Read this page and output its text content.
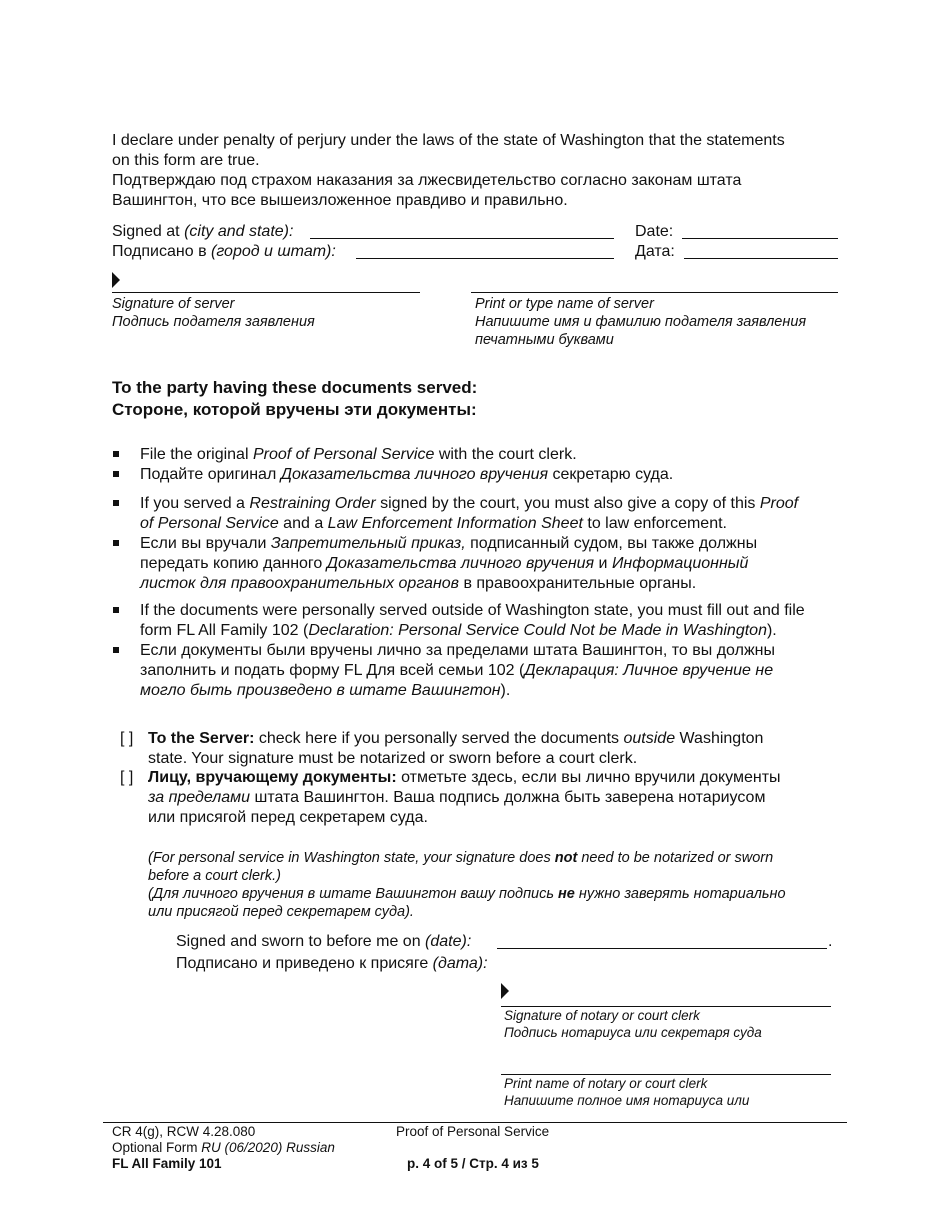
I declare under penalty of perjury under the laws of the state of Washington that the statements
on this form are true.
Подтверждаю под страхом наказания за лжесвидетельство согласно законам штата
Вашингтон, что все вышеизложенное правдиво и правильно.
Signed at (city and state):	Date:
Подписано в (город и штат):	Дата:
Signature of server
Подпись подателя заявления
Print or type name of server
Напишите имя и фамилию подателя заявления
печатными буквами
To the party having these documents served:
Стороне, которой вручены эти документы:
File the original Proof of Personal Service with the court clerk.
Подайте оригинал Доказательства личного вручения секретарю суда.
If you served a Restraining Order signed by the court, you must also give a copy of this Proof
of Personal Service and a Law Enforcement Information Sheet to law enforcement.
Если вы вручали Запретительный приказ, подписанный судом, вы также должны
передать копию данного Доказательства личного вручения и Информационный
листок для правоохранительных органов в правоохранительные органы.
If the documents were personally served outside of Washington state, you must fill out and file
form FL All Family 102 (Declaration: Personal Service Could Not be Made in Washington).
Если документы были вручены лично за пределами штата Вашингтон, то вы должны
заполнить и подать форму FL Для всей семьи 102 (Декларация: Личное вручение не
могло быть произведено в штате Вашингтон).
[ ] To the Server: check here if you personally served the documents outside Washington
state. Your signature must be notarized or sworn before a court clerk.
[ ] Лицу, вручающему документы: отметьте здесь, если вы лично вручили документы
за пределами штата Вашингтон. Ваша подпись должна быть заверена нотариусом
или присягой перед секретарем суда.
(For personal service in Washington state, your signature does not need to be notarized or sworn
before a court clerk.)
(Для личного вручения в штате Вашингтон вашу подпись не нужно заверять нотариально
или присягой перед секретарем суда).
Signed and sworn to before me on (date):	.
Подписано и приведено к присяге (дата):
Signature of notary or court clerk
Подпись нотариуса или секретаря суда
Print name of notary or court clerk
Напишите полное имя нотариуса или
CR 4(g), RCW 4.28.080
Optional Form RU (06/2020) Russian
FL All Family 101
Proof of Personal Service
p. 4 of 5 / Стр. 4 из 5
